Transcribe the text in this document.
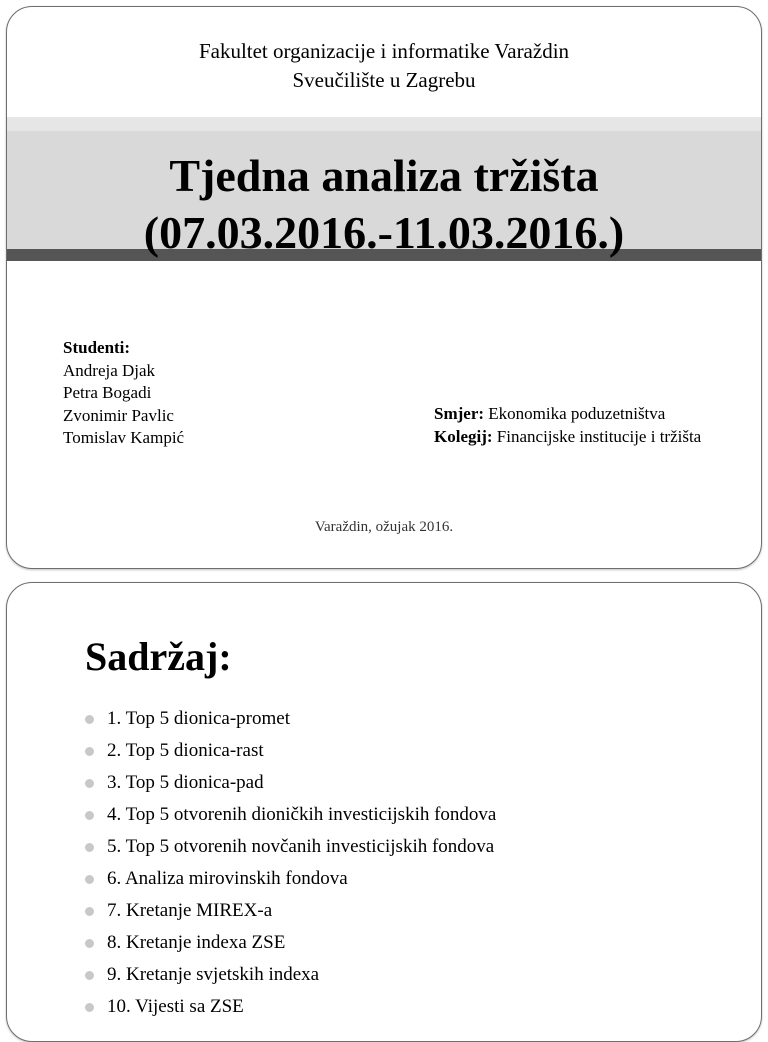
Fakultet organizacije i informatike Varaždin
Sveučilište u Zagrebu
Tjedna analiza tržišta
(07.03.2016.-11.03.2016.)
Studenti:
Andreja Djak
Petra Bogadi
Zvonimir Pavlic
Tomislav Kampić
Smjer: Ekonomika poduzetništva
Kolegij: Financijske institucije i tržišta
Varaždin, ožujak 2016.
Sadržaj:
1. Top 5 dionica-promet
2. Top 5 dionica-rast
3. Top 5 dionica-pad
4. Top 5 otvorenih dioničkih investicijskih fondova
5. Top 5 otvorenih novčanih investicijskih fondova
6. Analiza mirovinskih fondova
7. Kretanje MIREX-a
8. Kretanje indexa ZSE
9. Kretanje svjetskih indexa
10. Vijesti sa ZSE
